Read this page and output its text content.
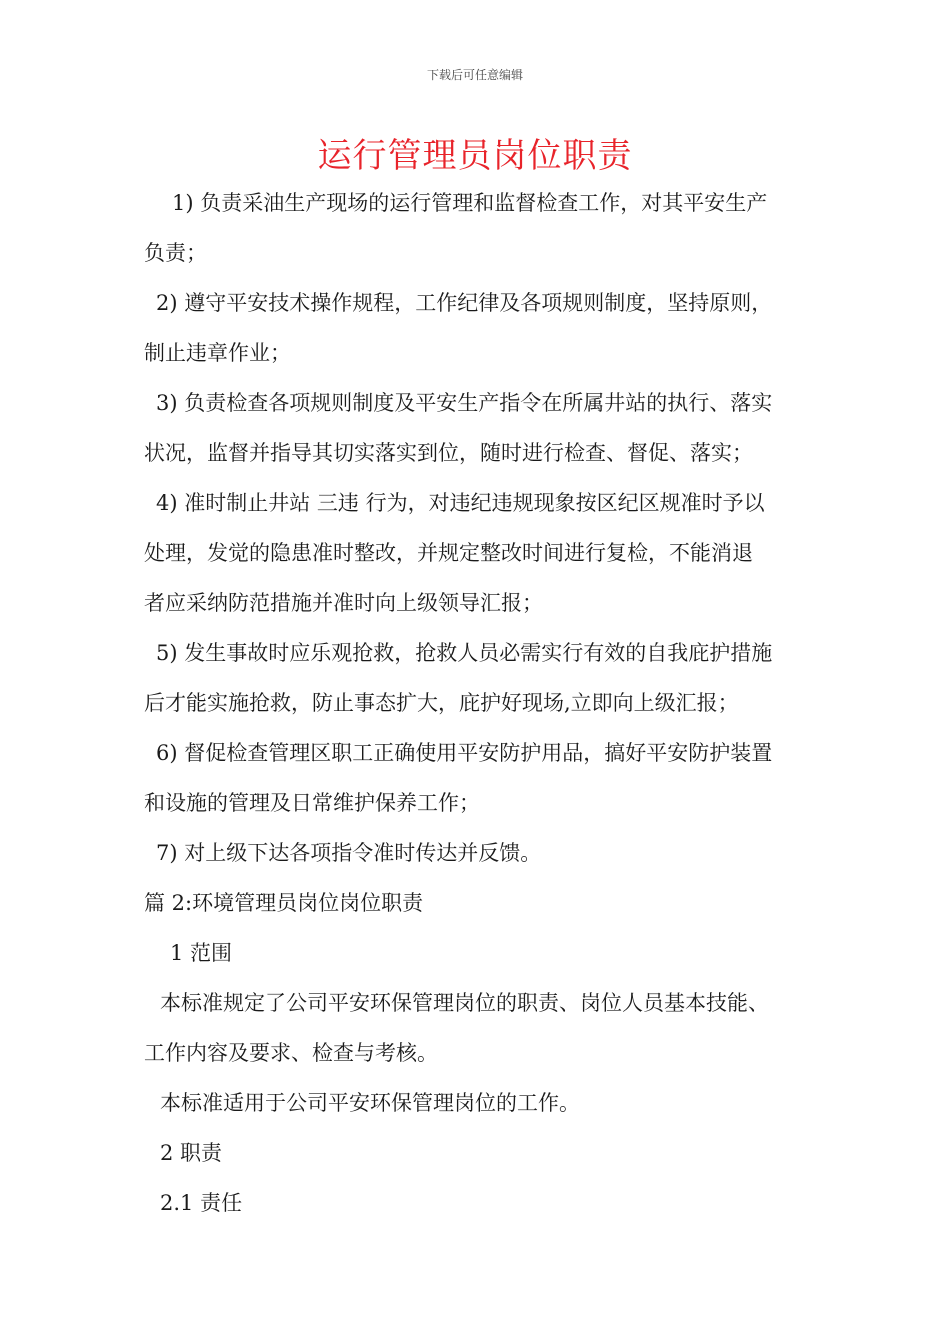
下载后可任意编辑
运行管理员岗位职责
1) 负责采油生产现场的运行管理和监督检查工作，对其平安生产
负责；
2) 遵守平安技术操作规程，工作纪律及各项规则制度，坚持原则，
制止违章作业；
3) 负责检查各项规则制度及平安生产指令在所属井站的执行、落实
状况，监督并指导其切实落实到位，随时进行检查、督促、落实；
4) 准时制止井站 三违 行为，对违纪违规现象按区纪区规准时予以
处理，发觉的隐患准时整改，并规定整改时间进行复检，不能消退
者应采纳防范措施并准时向上级领导汇报；
5) 发生事故时应乐观抢救，抢救人员必需实行有效的自我庇护措施
后才能实施抢救，防止事态扩大，庇护好现场,立即向上级汇报；
6) 督促检查管理区职工正确使用平安防护用品，搞好平安防护装置
和设施的管理及日常维护保养工作；
7) 对上级下达各项指令准时传达并反馈。
篇 2:环境管理员岗位岗位职责
1 范围
本标准规定了公司平安环保管理岗位的职责、岗位人员基本技能、
工作内容及要求、检查与考核。
本标准适用于公司平安环保管理岗位的工作。
2 职责
2.1 责任
